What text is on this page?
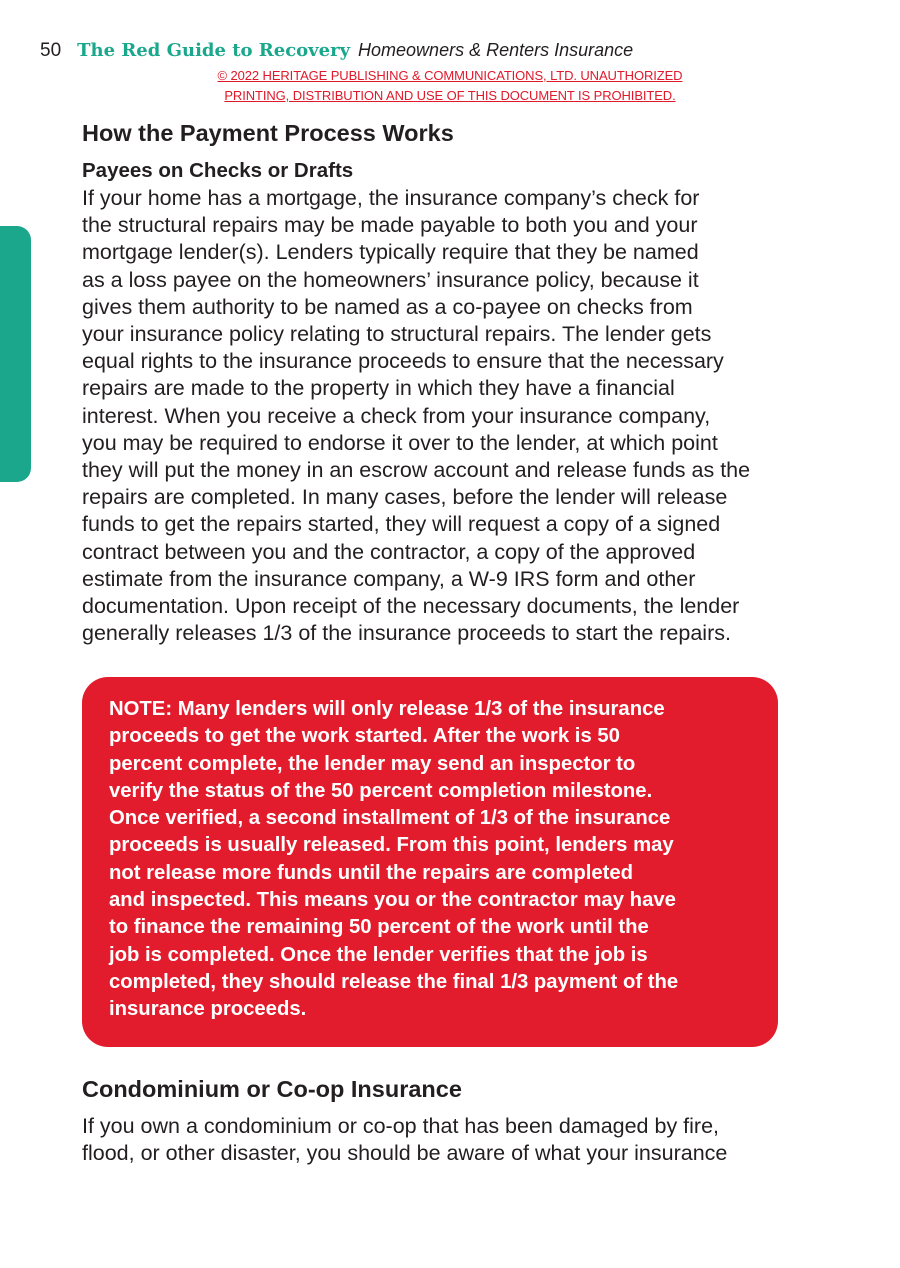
50 The Red Guide to Recovery Homeowners & Renters Insurance
© 2022 HERITAGE PUBLISHING & COMMUNICATIONS, LTD. UNAUTHORIZED
PRINTING, DISTRIBUTION AND USE OF THIS DOCUMENT IS PROHIBITED.
How the Payment Process Works
Payees on Checks or Drafts

If your home has a mortgage, the insurance company’s check for
the structural repairs may be made payable to both you and your
mortgage lender(s). Lenders typically require that they be named
as a loss payee on the homeowners’ insurance policy, because it
gives them authority to be named as a co-payee on checks from
your insurance policy relating to structural repairs. The lender gets
equal rights to the insurance proceeds to ensure that the necessary
repairs are made to the property in which they have a financial
interest. When you receive a check from your insurance company,
you may be required to endorse it over to the lender, at which point
they will put the money in an escrow account and release funds as the
repairs are completed. In many cases, before the lender will release
funds to get the repairs started, they will request a copy of a signed
contract between you and the contractor, a copy of the approved
estimate from the insurance company, a W-9 IRS form and other
documentation. Upon receipt of the necessary documents, the lender
generally releases 1/3 of the insurance proceeds to start the repairs.

NOTE: Many lenders will only release 1/3 of the insurance
proceeds to get the work started. After the work is 50
percent complete, the lender may send an inspector to
verify the status of the 50 percent completion milestone.
Once verified, a second installment of 1/3 of the insurance
proceeds is usually released. From this point, lenders may
not release more funds until the repairs are completed
and inspected. This means you or the contractor may have
to finance the remaining 50 percent of the work until the
job is completed. Once the lender verifies that the job is
completed, they should release the final 1/3 payment of the
insurance proceeds.

Condominium or Co-op Insurance

If you own a condominium or co-op that has been damaged by fire,
flood, or other disaster, you should be aware of what your insurance
